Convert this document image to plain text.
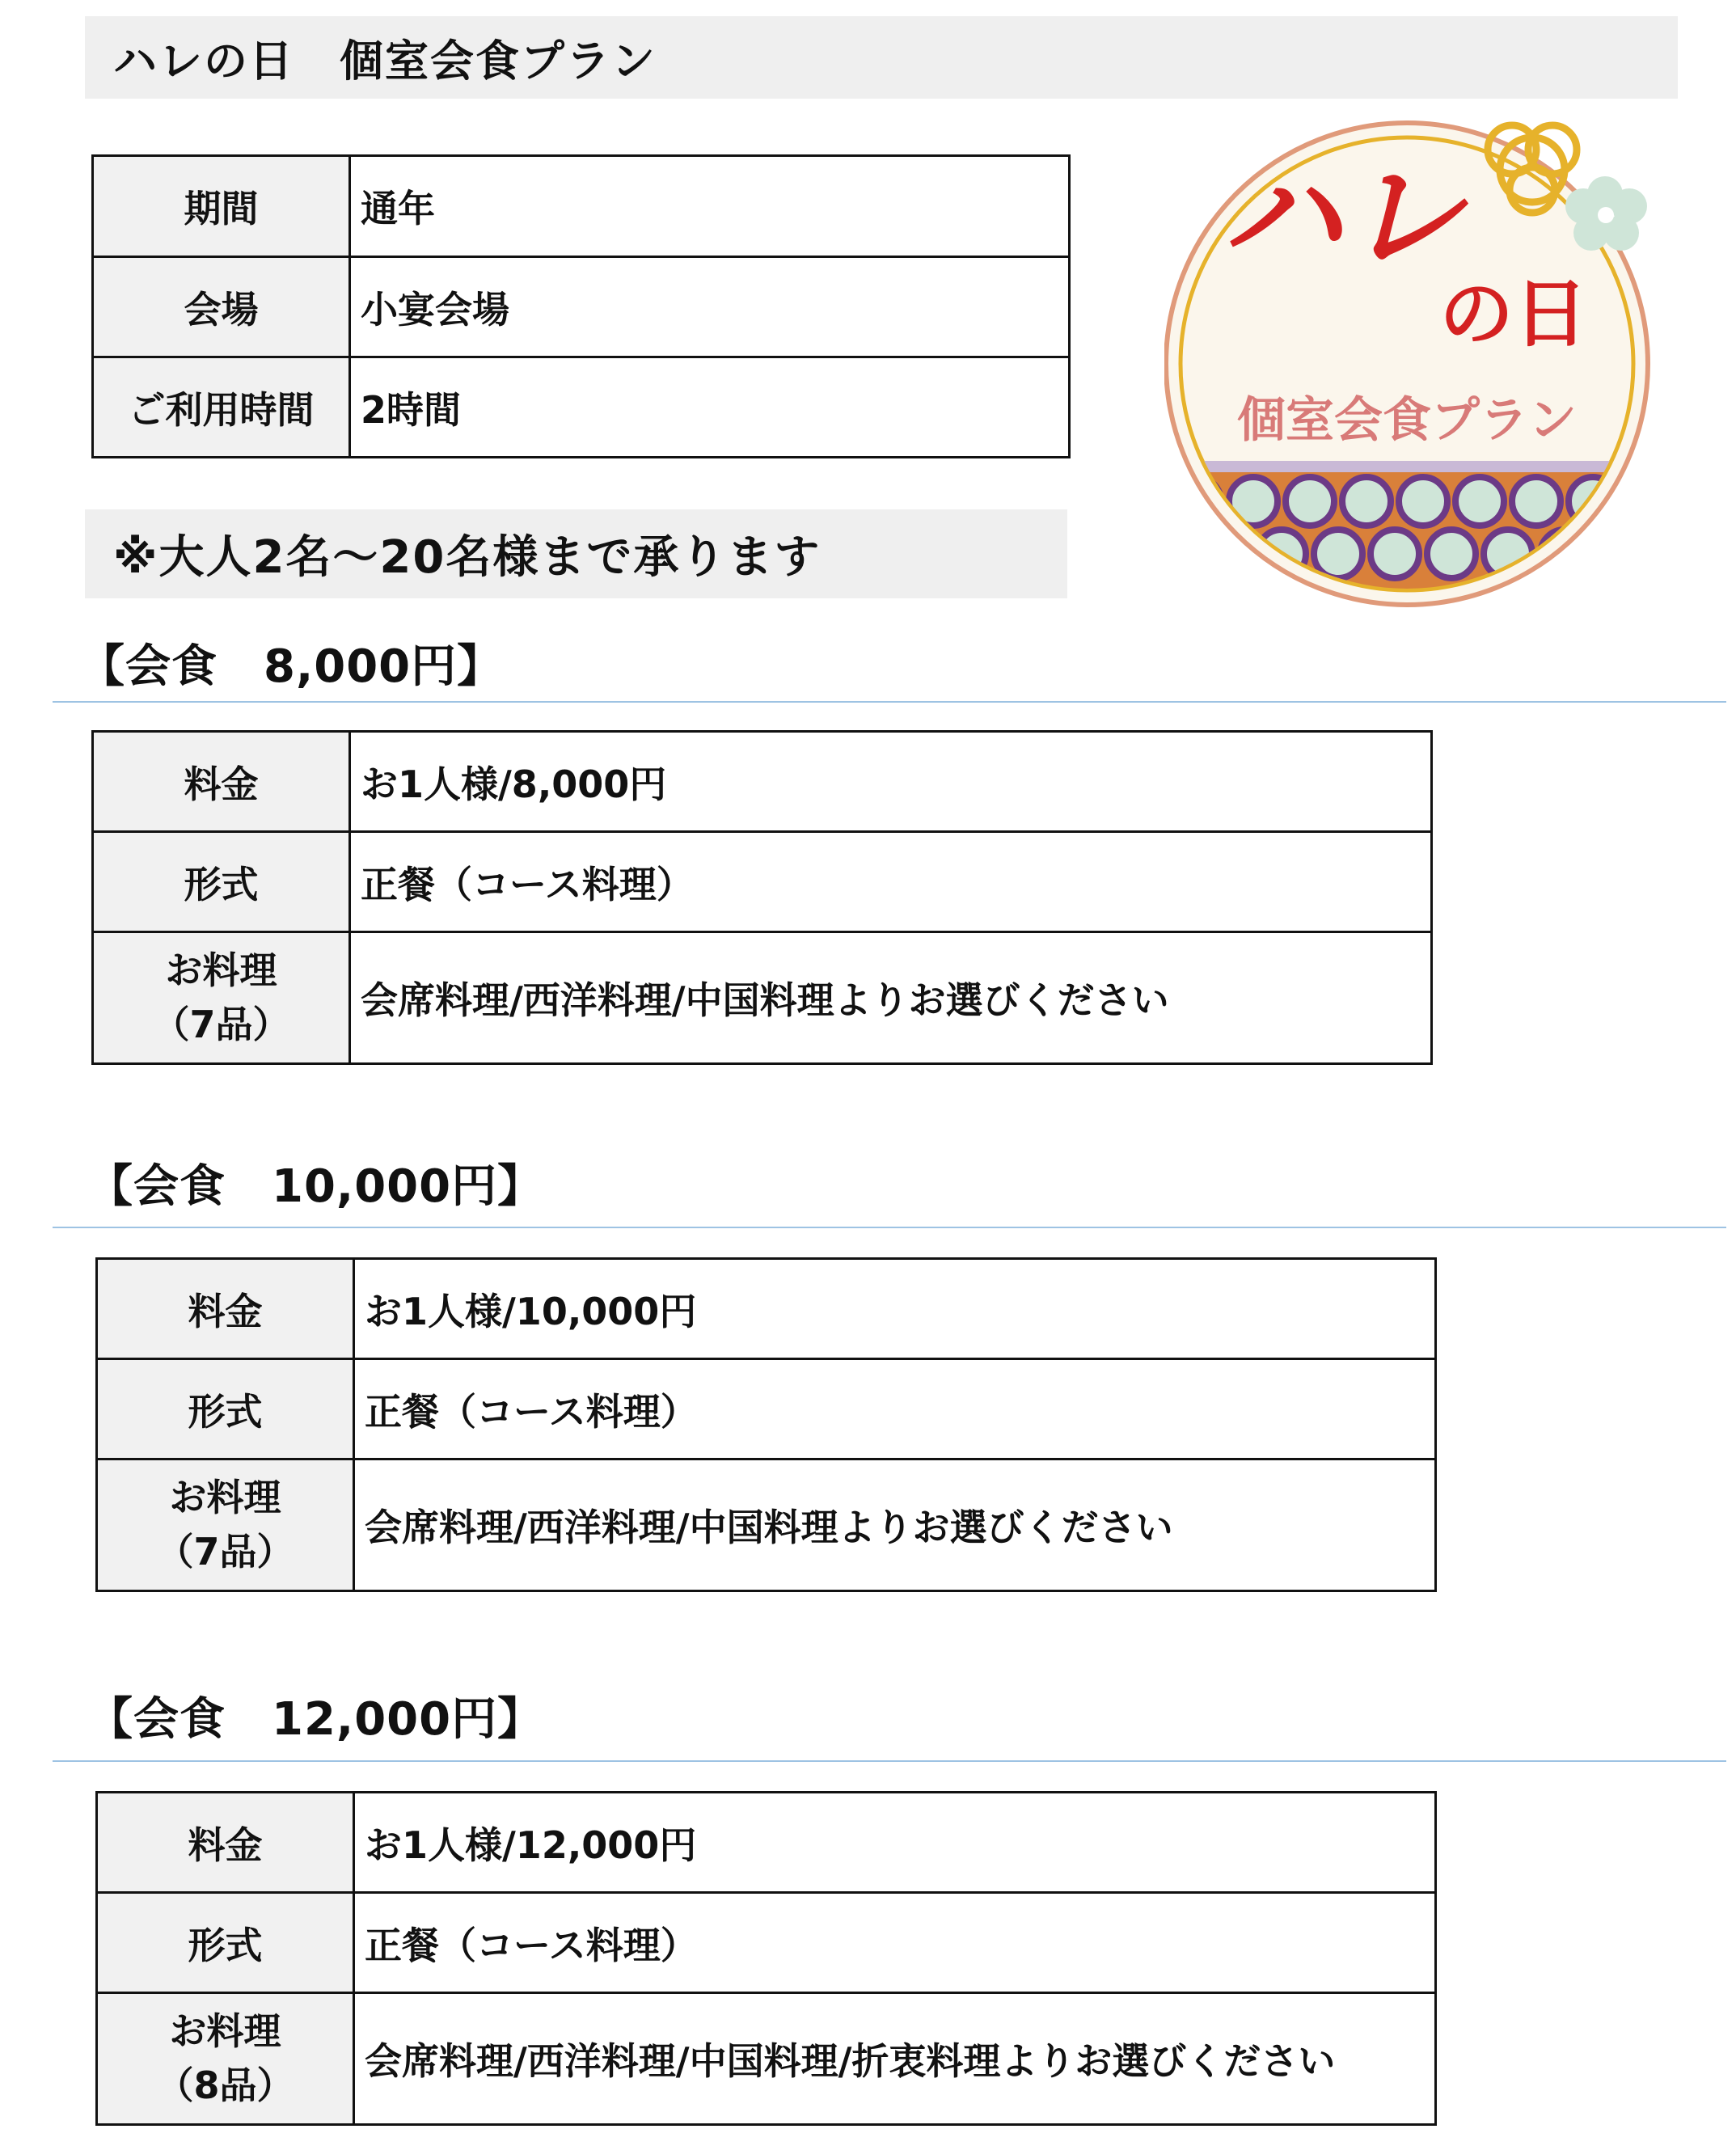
ハレの日　個室会食プラン
期間	通年
会場	小宴会場
ご利用時間	2時間
※大人2名～20名様まで承ります
ハレ
の日
個室会食プラン
【会食　8,000円】
料金	お1人様/8,000円
形式	正餐（コース料理）

お料理
（7品）	会席料理/西洋料理/中国料理よりお選びください
【会食　10,000円】
料金	お1人様/10,000円
形式	正餐（コース料理）

お料理
（7品）	会席料理/西洋料理/中国料理よりお選びください
【会食　12,000円】
料金	お1人様/12,000円
形式	正餐（コース料理）

お料理
（8品）	会席料理/西洋料理/中国料理/折衷料理よりお選びください
